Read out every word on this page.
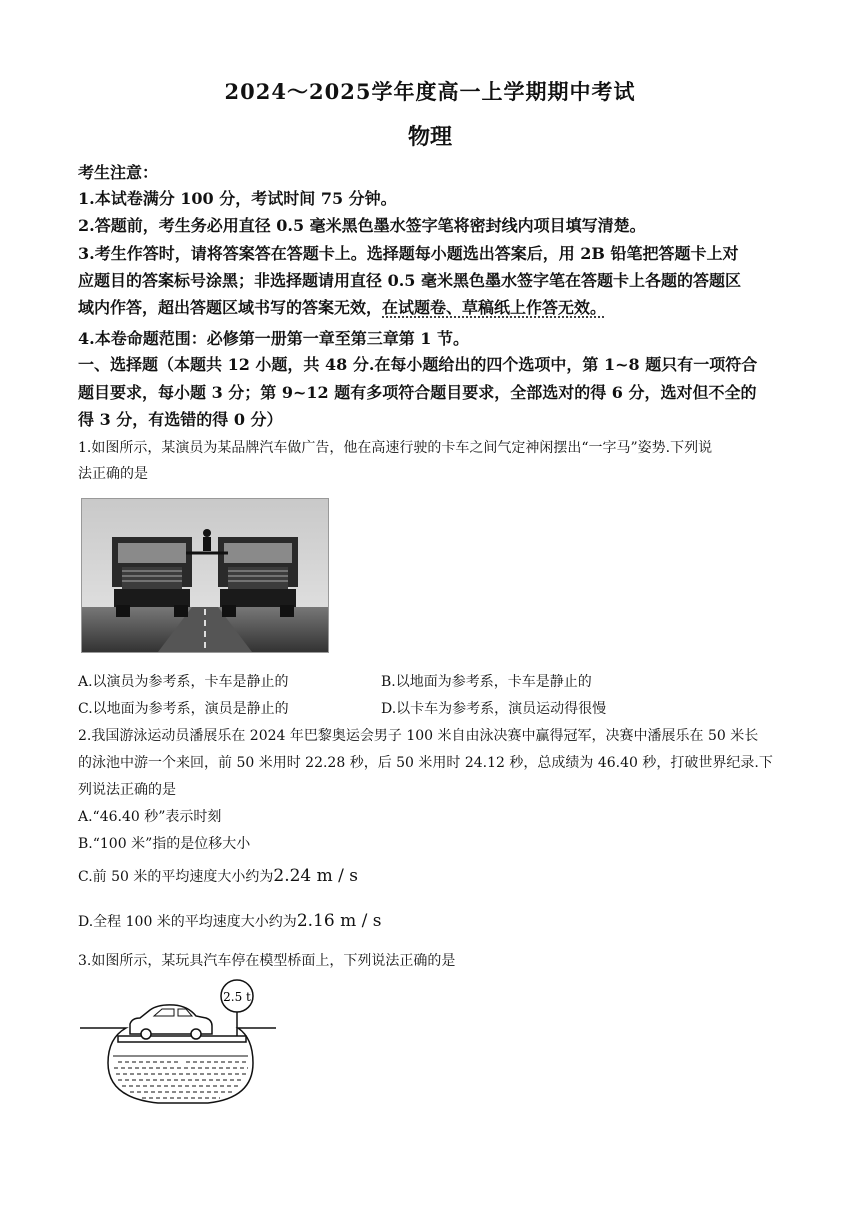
2024～2025学年度高一上学期期中考试
物理
考生注意：
1.本试卷满分 100 分，考试时间 75 分钟。
2.答题前，考生务必用直径 0.5 毫米黑色墨水签字笔将密封线内项目填写清楚。
3.考生作答时，请将答案答在答题卡上。选择题每小题选出答案后，用 2B 铅笔把答题卡上对
应题目的答案标号涂黑；非选择题请用直径 0.5 毫米黑色墨水签字笔在答题卡上各题的答题区
域内作答，超出答题区域书写的答案无效，在试题卷、草稿纸上作答无效。
4.本卷命题范围：必修第一册第一章至第三章第 1 节。
一、选择题（本题共 12 小题，共 48 分.在每小题给出的四个选项中，第 1~8 题只有一项符合
题目要求，每小题 3 分；第 9~12 题有多项符合题目要求，全部选对的得 6 分，选对但不全的
得 3 分，有选错的得 0 分）
1.如图所示，某演员为某品牌汽车做广告，他在高速行驶的卡车之间气定神闲摆出“一字马”姿势.下列说
法正确的是
A.以演员为参考系，卡车是静止的	B.以地面为参考系，卡车是静止的
C.以地面为参考系，演员是静止的	D.以卡车为参考系，演员运动得很慢
2.我国游泳运动员潘展乐在 2024 年巴黎奥运会男子 100 米自由泳决赛中赢得冠军，决赛中潘展乐在 50 米长
的泳池中游一个来回，前 50 米用时 22.28 秒，后 50 米用时 24.12 秒，总成绩为 46.40 秒，打破世界纪录.下
列说法正确的是
A.“46.40 秒”表示时刻
B.“100 米”指的是位移大小
C.前 50 米的平均速度大小约为2.24 m / s
D.全程 100 米的平均速度大小约为2.16 m / s
3.如图所示，某玩具汽车停在模型桥面上，下列说法正确的是
2.5 t
